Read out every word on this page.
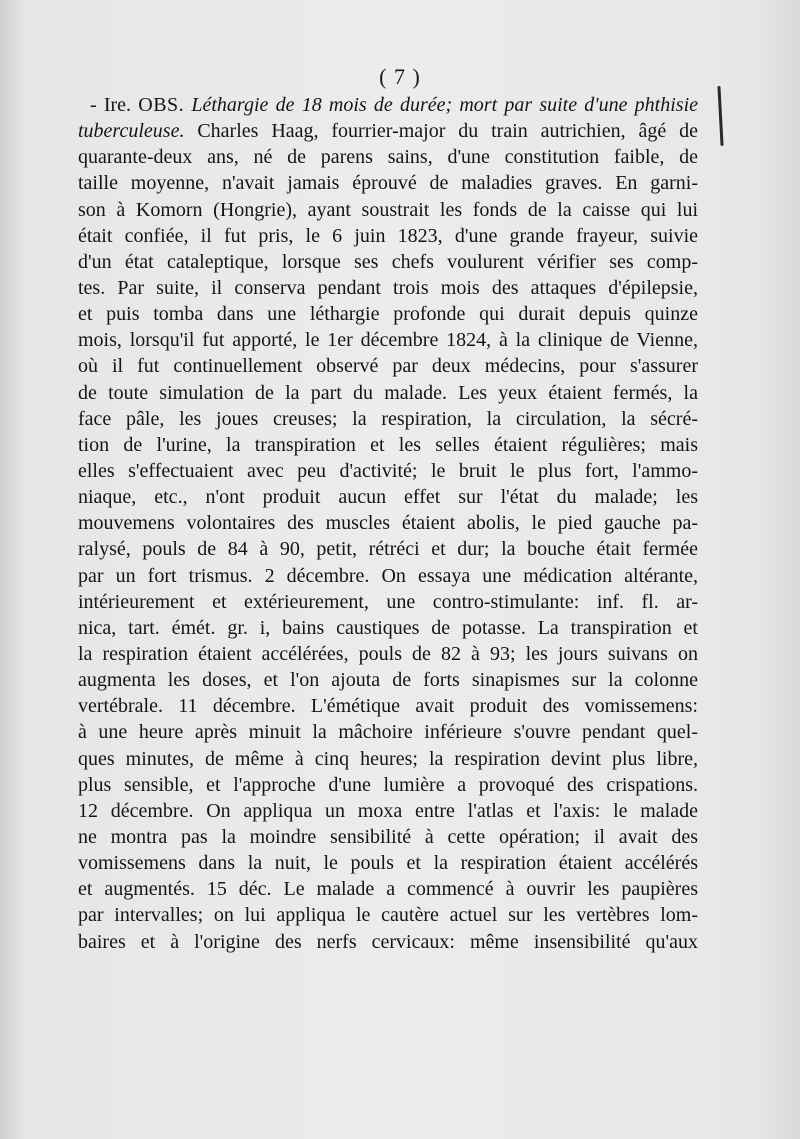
( 7 )
- Ire. OBS. Léthargie de 18 mois de durée; mort par suite d'une phthisie
tuberculeuse. Charles Haag, fourrier-major du train autrichien, âgé de
quarante-deux ans, né de parens sains, d'une constitution faible, de
taille moyenne, n'avait jamais éprouvé de maladies graves. En garni-
son à Komorn (Hongrie), ayant soustrait les fonds de la caisse qui lui
était confiée, il fut pris, le 6 juin 1823, d'une grande frayeur, suivie
d'un état cataleptique, lorsque ses chefs voulurent vérifier ses comp-
tes. Par suite, il conserva pendant trois mois des attaques d'épilepsie,
et puis tomba dans une léthargie profonde qui durait depuis quinze
mois, lorsqu'il fut apporté, le 1er décembre 1824, à la clinique de Vienne,
où il fut continuellement observé par deux médecins, pour s'assurer
de toute simulation de la part du malade. Les yeux étaient fermés, la
face pâle, les joues creuses; la respiration, la circulation, la sécré-
tion de l'urine, la transpiration et les selles étaient régulières; mais
elles s'effectuaient avec peu d'activité; le bruit le plus fort, l'ammo-
niaque, etc., n'ont produit aucun effet sur l'état du malade; les
mouvemens volontaires des muscles étaient abolis, le pied gauche pa-
ralysé, pouls de 84 à 90, petit, rétréci et dur; la bouche était fermée
par un fort trismus. 2 décembre. On essaya une médication altérante,
intérieurement et extérieurement, une contro-stimulante: inf. fl. ar-
nica, tart. émét. gr. i, bains caustiques de potasse. La transpiration et
la respiration étaient accélérées, pouls de 82 à 93; les jours suivans on
augmenta les doses, et l'on ajouta de forts sinapismes sur la colonne
vertébrale. 11 décembre. L'émétique avait produit des vomissemens:
à une heure après minuit la mâchoire inférieure s'ouvre pendant quel-
ques minutes, de même à cinq heures; la respiration devint plus libre,
plus sensible, et l'approche d'une lumière a provoqué des crispations.
12 décembre. On appliqua un moxa entre l'atlas et l'axis: le malade
ne montra pas la moindre sensibilité à cette opération; il avait des
vomissemens dans la nuit, le pouls et la respiration étaient accélérés
et augmentés. 15 déc. Le malade a commencé à ouvrir les paupières
par intervalles; on lui appliqua le cautère actuel sur les vertèbres lom-
baires et à l'origine des nerfs cervicaux: même insensibilité qu'aux
